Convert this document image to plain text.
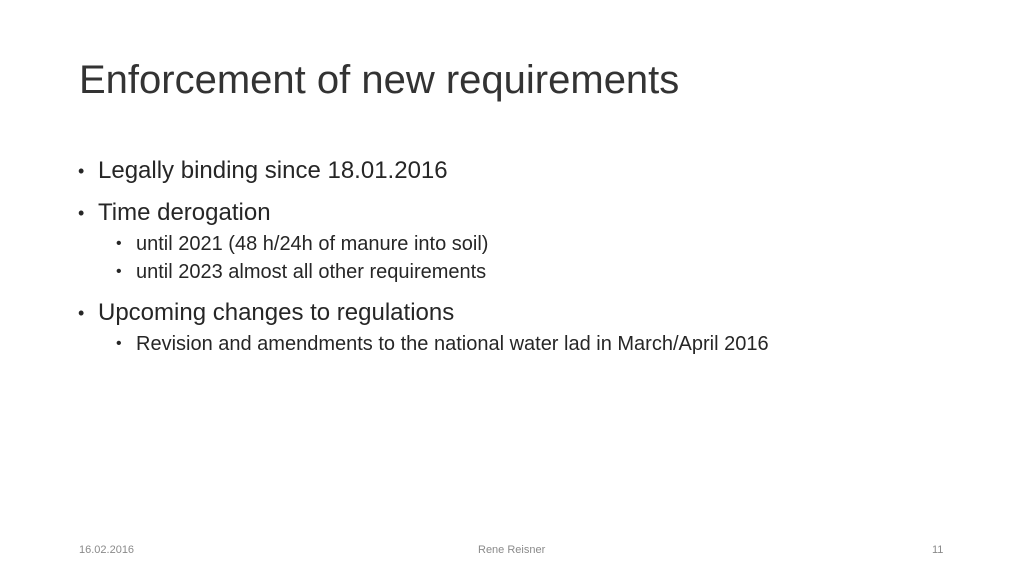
Enforcement of new requirements
• Legally binding since 18.01.2016
• Time derogation
• until 2021 (48 h/24h of manure into soil)
• until 2023 almost all other requirements
• Upcoming changes to regulations
• Revision and amendments to the national water lad in March/April 2016
16.02.2016	Rene Reisner	11
